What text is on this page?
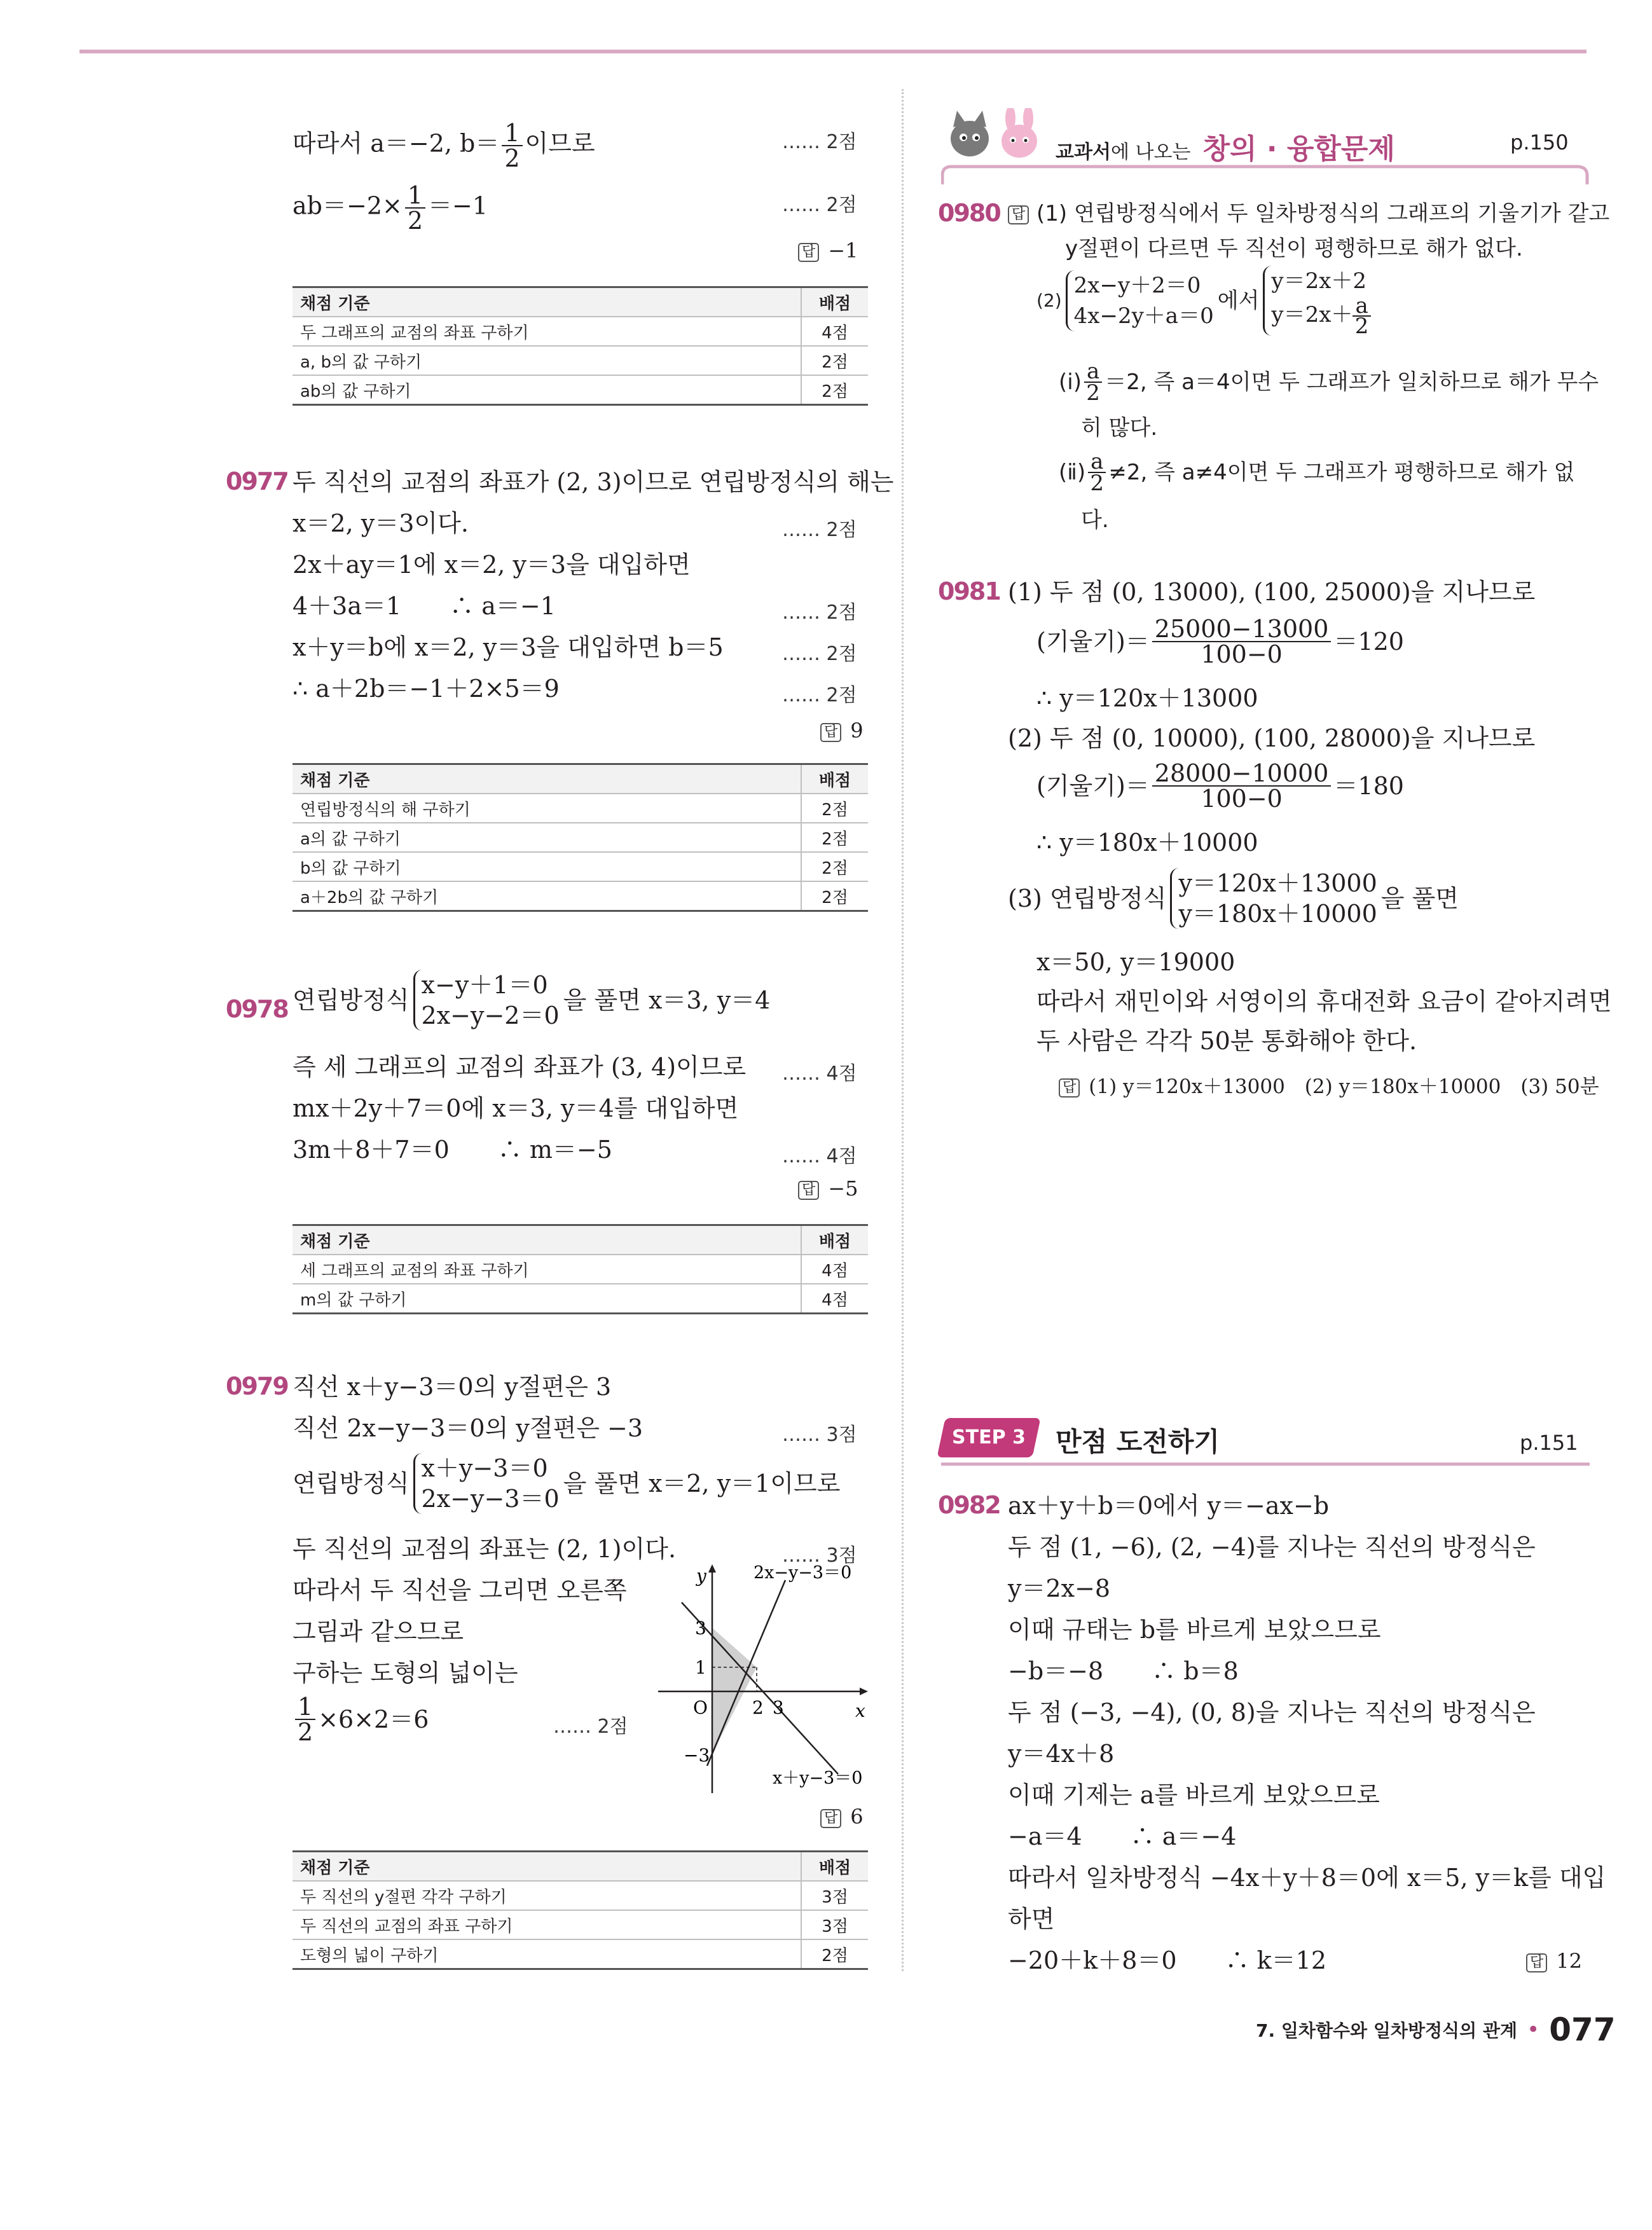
따라서 a＝−2, $b= \frac{1}{2}$ 이므로	…… 2점
$ab=-2\times \frac{1}{2} =-1$	…… 2점
답 −1
채점 기준	배점
두 그래프의 교점의 좌표 구하기	4점
a, b의 값 구하기	2점
ab의 값 구하기	2점
0977 두 직선의 교점의 좌표가 (2, 3)이므로 연립방정식의 해는
x＝2, y＝3이다.	…… 2점
2x＋ay＝1에 x＝2, y＝3을 대입하면
4＋3a＝1　　∴ a＝−1	…… 2점
x＋y＝b에 x＝2, y＝3을 대입하면 b＝5	…… 2점
∴ a＋2b＝−1＋2×5＝9	…… 2점
답 9
채점 기준	배점
연립방정식의 해 구하기	2점
a의 값 구하기	2점
b의 값 구하기	2점
a＋2b의 값 구하기	2점
0978 연립방정식
x−y＋1＝0
2x−y−2＝0
을 풀면 x＝3, y＝4
즉 세 그래프의 교점의 좌표가 (3, 4)이므로 …… 4점
mx＋2y＋7＝0에 x＝3, y＝4를 대입하면
3m＋8＋7＝0　　∴ m＝−5	…… 4점
답 −5
채점 기준	배점
세 그래프의 교점의 좌표 구하기	4점
m의 값 구하기	4점
0979 직선 x＋y−3＝0의 y절편은 3
직선 2x−y−3＝0의 y절편은 −3	…… 3점
연립방정식
x＋y−3＝0
2x−y−3＝0
을 풀면 x＝2, y＝1이므로
두 직선의 교점의 좌표는 (2, 1)이다.	…… 3점
따라서 두 직선을 그리면 오른쪽
그림과 같으므로
구하는 도형의 넓이는
$\frac{1}{2} \times 6\times 2=6$	…… 2점
y
x
O
3
1
−3
2 3
2x−y−3＝0
x＋y−3＝0
답 6
채점 기준	배점
두 직선의 y절편 각각 구하기	3점
두 직선의 교점의 좌표 구하기	3점
도형의 넓이 구하기	2점
교과서에 나오는 창의 · 융합문제	p.150
0980 답 (1) 연립방정식에서 두 일차방정식의 그래프의 기울기가 같고
y절편이 다르면 두 직선이 평행하므로 해가 없다.
(2)
2x−y＋2＝0
4x−2y＋a＝0
에서
y＝2x＋2
$y=2x+ \frac{a}{2}$
(ⅰ) $\frac{a}{2} =2$, 즉 a＝4이면 두 그래프가 일치하므로 해가 무수
히 많다.
(ⅱ) $\frac{a}{2} \ne 2$, 즉 a≠4이면 두 그래프가 평행하므로 해가 없
다.
0981 (1) 두 점 (0, 13000), (100, 25000)을 지나므로
(기울기)＝ $\frac{25000-13000}{100-0} =120$
∴ y＝120x＋13000
(2) 두 점 (0, 10000), (100, 28000)을 지나므로
(기울기)＝ $\frac{28000-10000}{100-0} =180$
∴ y＝180x＋10000
(3) 연립방정식
y＝120x＋13000
y＝180x＋10000
을 풀면
x＝50, y＝19000
따라서 재민이와 서영이의 휴대전화 요금이 같아지려면
두 사람은 각각 50분 통화해야 한다.
답 (1) y＝120x＋13000　(2) y＝180x＋10000　(3) 50분
STEP 3	만점 도전하기	p.151
0982 ax＋y＋b＝0에서 y＝−ax−b
두 점 (1, −6), (2, −4)를 지나는 직선의 방정식은
y＝2x−8
이때 규태는 b를 바르게 보았으므로
−b＝−8　　∴ b＝8
두 점 (−3, −4), (0, 8)을 지나는 직선의 방정식은
y＝4x＋8
이때 기제는 a를 바르게 보았으므로
−a＝4　　∴ a＝−4
따라서 일차방정식 −4x＋y＋8＝0에 x＝5, y＝k를 대입
하면
−20＋k＋8＝0　　∴ k＝12	답 12
7. 일차함수와 일차방정식의 관계 • 077
